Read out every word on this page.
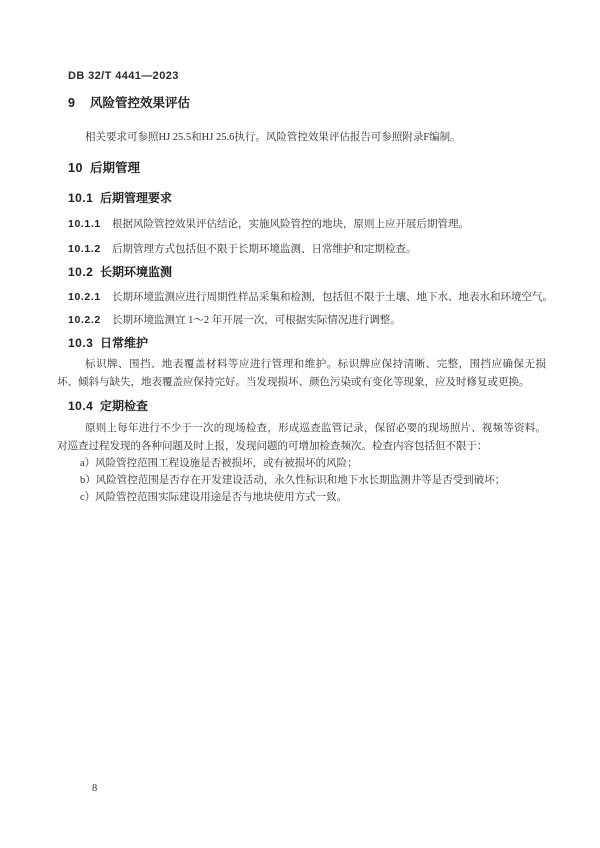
DB 32/T 4441—2023
9 风险管控效果评估
相关要求可参照HJ 25.5和HJ 25.6执行。风险管控效果评估报告可参照附录F编制。
10 后期管理
10.1 后期管理要求
10.1.1 根据风险管控效果评估结论，实施风险管控的地块，原则上应开展后期管理。
10.1.2 后期管理方式包括但不限于长期环境监测、日常维护和定期检查。
10.2 长期环境监测
10.2.1 长期环境监测应进行周期性样品采集和检测，包括但不限于土壤、地下水、地表水和环境空气。
10.2.2 长期环境监测宜 1～2 年开展一次，可根据实际情况进行调整。
10.3 日常维护
标识牌、围挡、地表覆盖材料等应进行管理和维护。标识牌应保持清晰、完整，围挡应确保无损坏、倾斜与缺失，地表覆盖应保持完好。当发现损坏、颜色污染或有变化等现象，应及时修复或更换。
10.4 定期检查
原则上每年进行不少于一次的现场检查，形成巡查监管记录，保留必要的现场照片、视频等资料。对巡查过程发现的各种问题及时上报，发现问题的可增加检查频次。检查内容包括但不限于：
a）风险管控范围工程设施是否被损坏，或有被损坏的风险；
b）风险管控范围是否存在开发建设活动，永久性标识和地下水长期监测井等是否受到破坏；
c）风险管控范围实际建设用途是否与地块使用方式一致。
8
